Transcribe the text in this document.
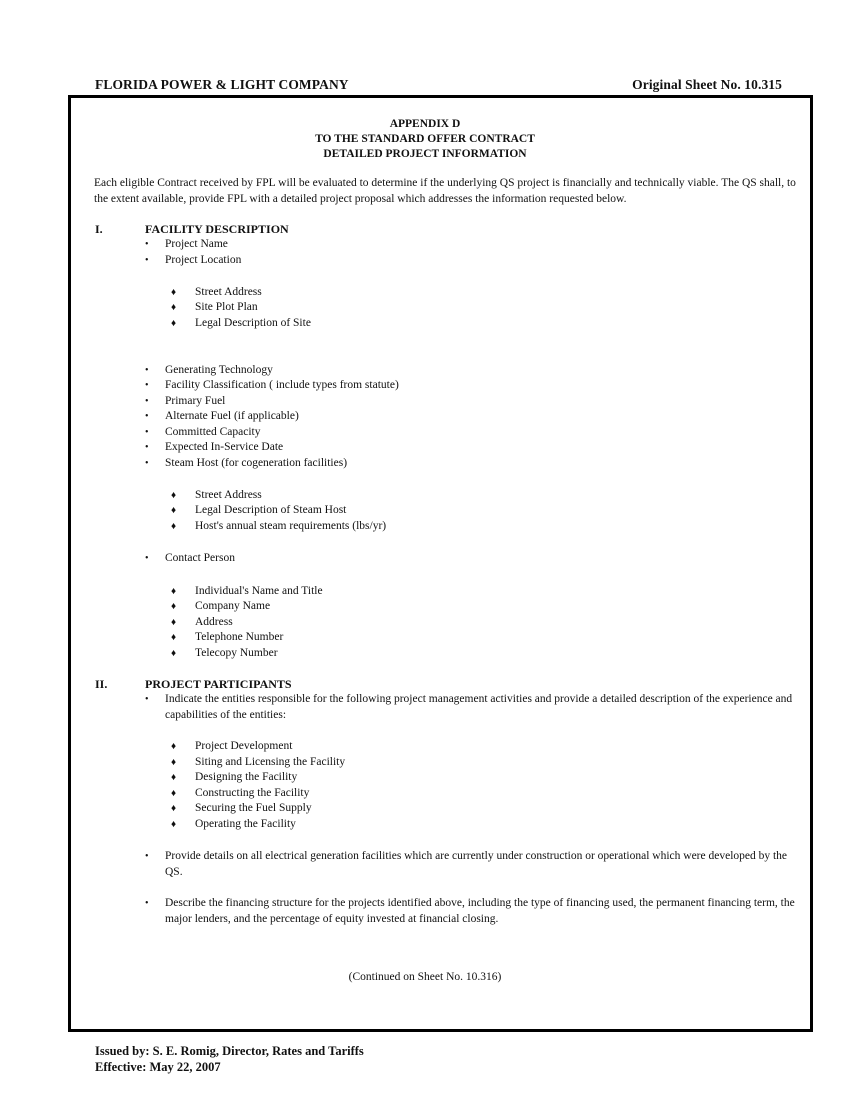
FLORIDA POWER & LIGHT COMPANY	Original Sheet No. 10.315
APPENDIX D
TO THE STANDARD OFFER CONTRACT
DETAILED PROJECT INFORMATION
Each eligible Contract received by FPL will be evaluated to determine if the underlying QS project is financially and technically viable. The QS shall, to the extent available, provide FPL with a detailed project proposal which addresses the information requested below.
I.	FACILITY DESCRIPTION
• Project Name
• Project Location
♦ Street Address
♦ Site Plot Plan
♦ Legal Description of Site
• Generating Technology
• Facility Classification ( include types from statute)
• Primary Fuel
• Alternate Fuel (if applicable)
• Committed Capacity
• Expected In-Service Date
• Steam Host (for cogeneration facilities)
♦ Street Address
♦ Legal Description of Steam Host
♦ Host's annual steam requirements (lbs/yr)
• Contact Person
♦ Individual's Name and Title
♦ Company Name
♦ Address
♦ Telephone Number
♦ Telecopy Number
II.	PROJECT PARTICIPANTS
• Indicate the entities responsible for the following project management activities and provide a detailed description of the experience and capabilities of the entities:
♦ Project Development
♦ Siting and Licensing the Facility
♦ Designing the Facility
♦ Constructing the Facility
♦ Securing the Fuel Supply
♦ Operating the Facility
• Provide details on all electrical generation facilities which are currently under construction or operational which were developed by the QS.
• Describe the financing structure for the projects identified above, including the type of financing used, the permanent financing term, the major lenders, and the percentage of equity invested at financial closing.
(Continued on Sheet No. 10.316)
Issued by: S. E. Romig, Director, Rates and Tariffs
Effective: May 22, 2007
